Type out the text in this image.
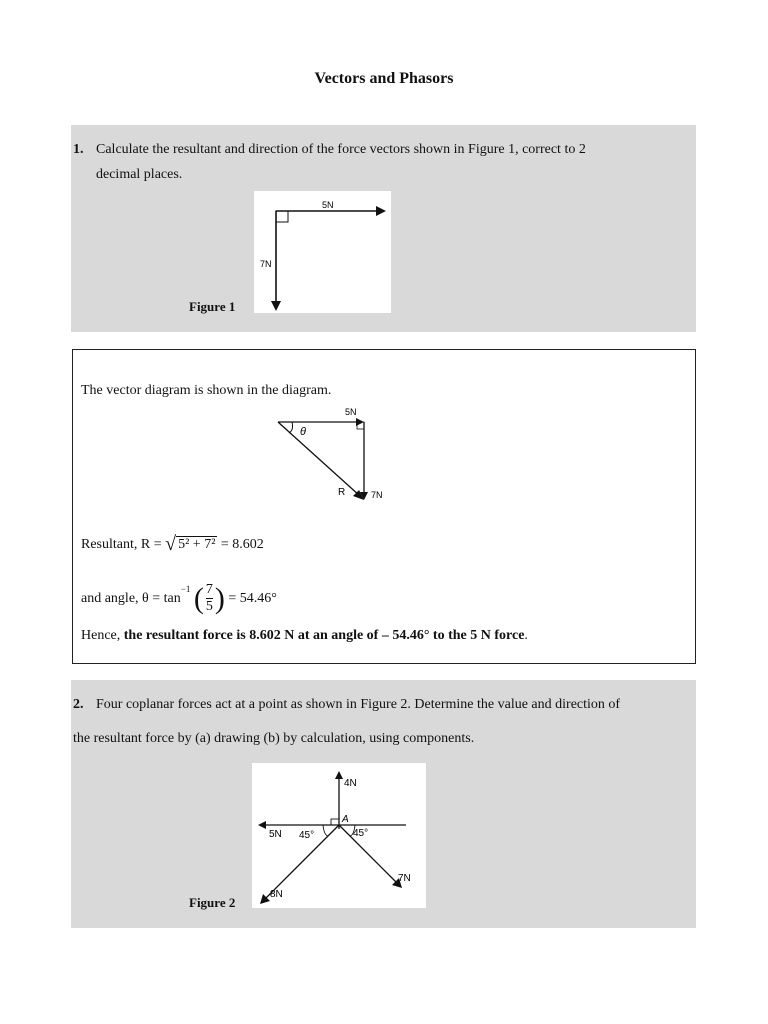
Vectors and Phasors
1. Calculate the resultant and direction of the force vectors shown in Figure 1, correct to 2
decimal places.
Figure 1
5N
7N
The vector diagram is shown in the diagram.
5N
7N
R
θ
Resultant, R = √ 5² + 7² = 8.602
and angle, $\theta = \tan^{-1}$ ( $\frac{7}{5}$ ) = 54.46°
Hence, the resultant force is 8.602 N at an angle of – 54.46° to the 5 N force.
2. Four coplanar forces act at a point as shown in Figure 2. Determine the value and direction of
the resultant force by (a) drawing (b) by calculation, using components.
Figure 2
4N
5N
A
45°	45°
8N
7N
